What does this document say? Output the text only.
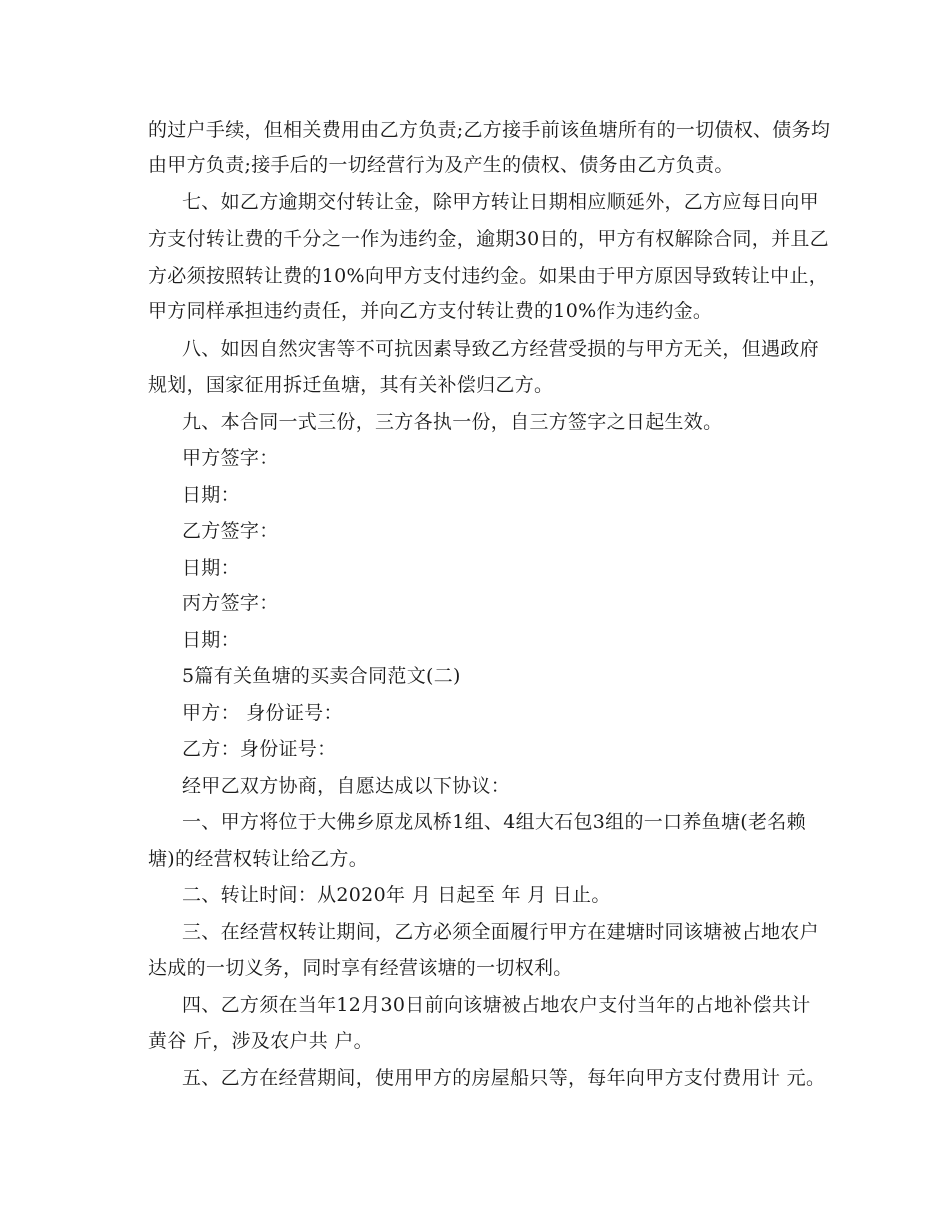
的过户手续，但相关费用由乙方负责;乙方接手前该鱼塘所有的一切债权、债务均
由甲方负责;接手后的一切经营行为及产生的债权、债务由乙方负责。
七、如乙方逾期交付转让金，除甲方转让日期相应顺延外，乙方应每日向甲
方支付转让费的千分之一作为违约金，逾期30日的，甲方有权解除合同，并且乙
方必须按照转让费的10%向甲方支付违约金。如果由于甲方原因导致转让中止，
甲方同样承担违约责任，并向乙方支付转让费的10%作为违约金。
八、如因自然灾害等不可抗因素导致乙方经营受损的与甲方无关，但遇政府
规划，国家征用拆迁鱼塘，其有关补偿归乙方。
九、本合同一式三份，三方各执一份，自三方签字之日起生效。
甲方签字：
日期：
乙方签字：
日期：
丙方签字：
日期：
5篇有关鱼塘的买卖合同范文(二)
甲方： 身份证号：
乙方：身份证号：
经甲乙双方协商，自愿达成以下协议：
一、甲方将位于大佛乡原龙凤桥1组、4组大石包3组的一口养鱼塘(老名赖
塘)的经营权转让给乙方。
二、转让时间：从2020年 月 日起至 年 月 日止。
三、在经营权转让期间，乙方必须全面履行甲方在建塘时同该塘被占地农户
达成的一切义务，同时享有经营该塘的一切权利。
四、乙方须在当年12月30日前向该塘被占地农户支付当年的占地补偿共计
黄谷 斤，涉及农户共 户。
五、乙方在经营期间，使用甲方的房屋船只等，每年向甲方支付费用计 元。
